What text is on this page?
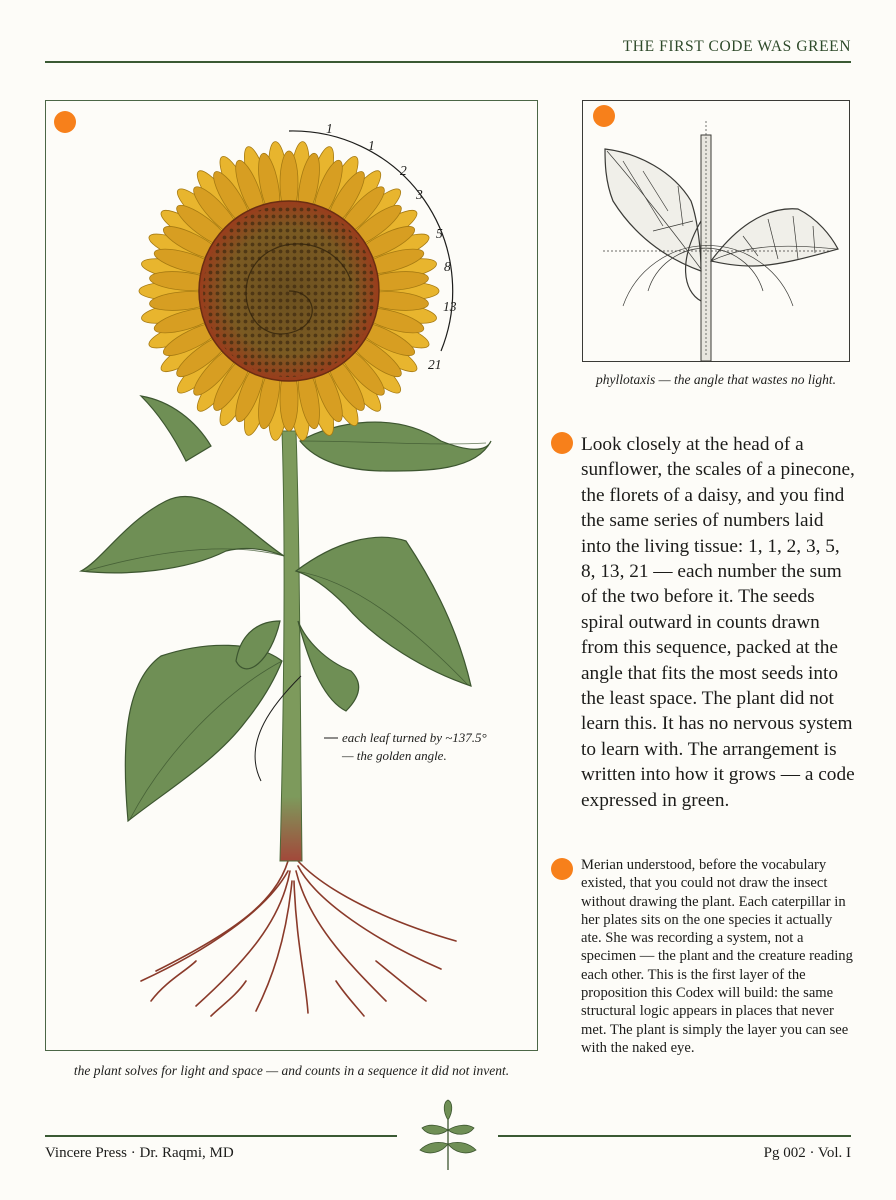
THE FIRST CODE WAS GREEN
1
1
2
3
5
8
13
21
each leaf turned by ~137.5°
— the golden angle.
the plant solves for light and space — and counts in a sequence it did not invent.
phyllotaxis — the angle that wastes no light.

Look closely at the head of a sunflower, the scales of a pinecone, the florets of a daisy, and you find the same series of numbers laid into the living tissue: 1, 1, 2, 3, 5, 8, 13, 21 — each number the sum of the two before it. The seeds spiral outward in counts drawn from this sequence, packed at the angle that fits the most seeds into the least space. The plant did not learn this. It has no nervous system to learn with. The arrangement is written into how it grows — a code expressed in green.

Merian understood, before the vocabulary existed, that you could not draw the insect without drawing the plant. Each caterpillar in her plates sits on the one species it actually ate. She was recording a system, not a specimen — the plant and the creature reading each other. This is the first layer of the proposition this Codex will build: the same structural logic appears in places that never met. The plant is simply the layer you can see with the naked eye.

Vincere Press · Dr. Raqmi, MD	Pg 002 · Vol. I
